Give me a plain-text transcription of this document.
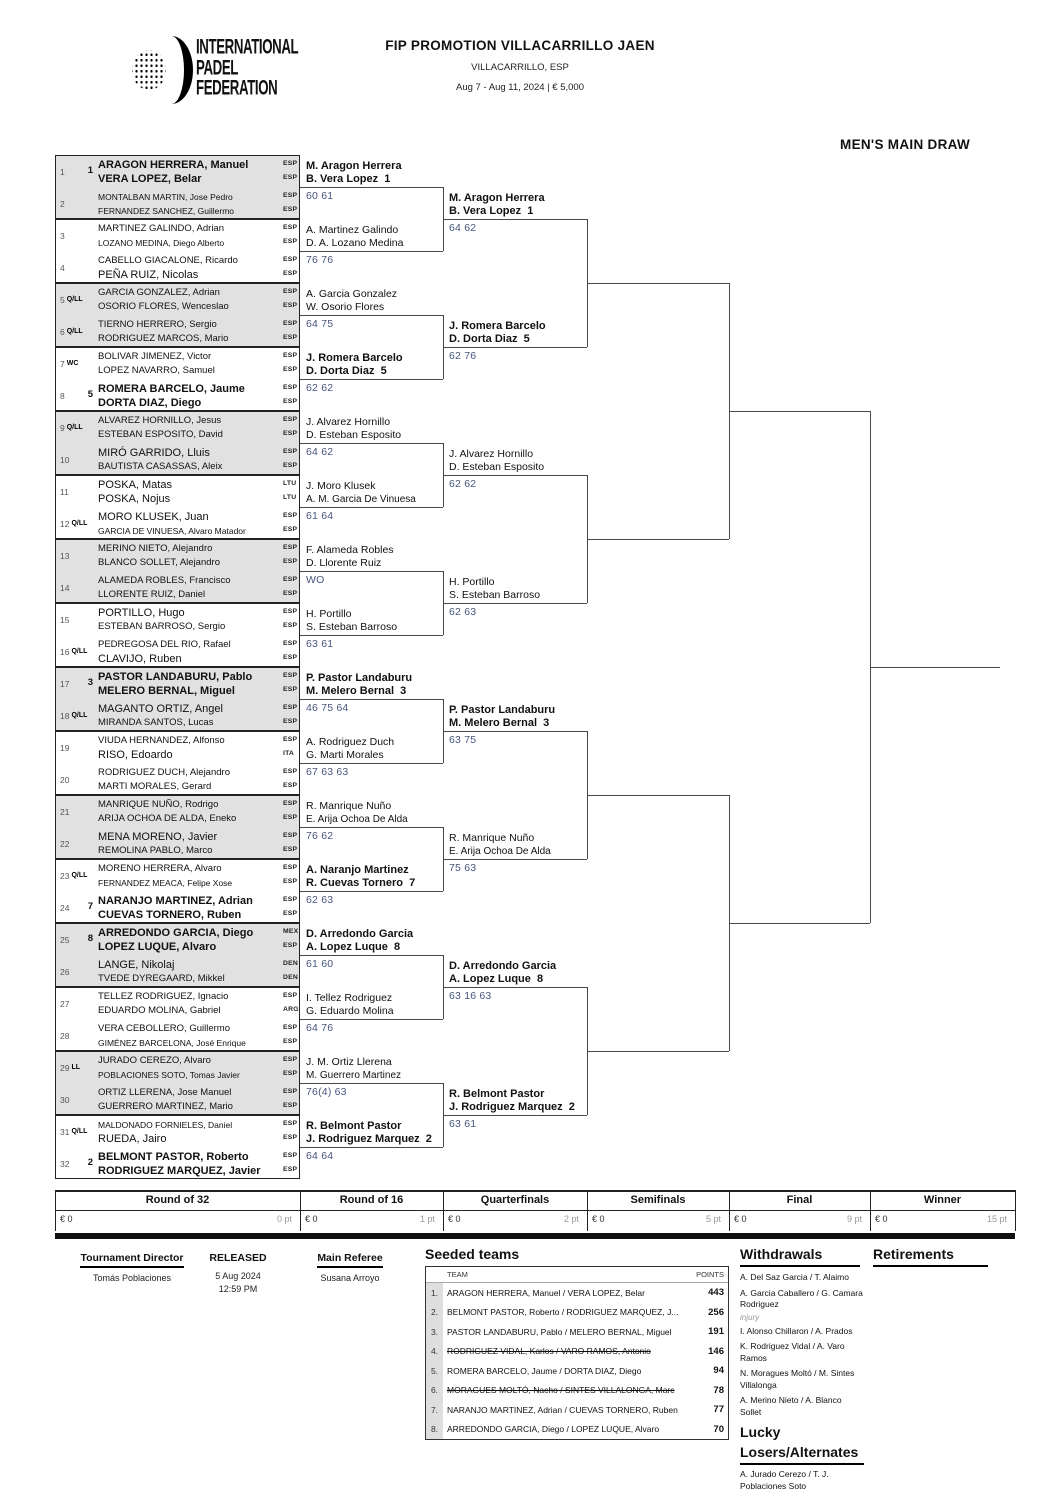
INTERNATIONAL
PADEL
FEDERATION
FIP PROMOTION VILLACARRILLO JAEN
VILLACARRILLO, ESP
Aug 7 - Aug 11, 2024 | € 5,000
MEN'S MAIN DRAW
1	1 ARAGON HERRERA, Manuel
VERA LOPEZ, Belar
ESP
ESP
2
MONTALBAN MARTIN, Jose Pedro
FERNANDEZ SANCHEZ, Guillermo
ESP
ESP
3
MARTINEZ GALINDO, Adrian
LOZANO MEDINA, Diego Alberto
ESP
ESP
4
CABELLO GIACALONE, Ricardo
PEÑA RUIZ, Nicolas
ESP
ESP
5 Q/LL
GARCIA GONZALEZ, Adrian
OSORIO FLORES, Wenceslao
ESP
ESP
6 Q/LL
TIERNO HERRERO, Sergio
RODRIGUEZ MARCOS, Mario
ESP
ESP
7 WC
BOLIVAR JIMENEZ, Victor
LOPEZ NAVARRO, Samuel
ESP
ESP
8	5 ROMERA BARCELO, Jaume
DORTA DIAZ, Diego
ESP
ESP
9 Q/LL
ALVAREZ HORNILLO, Jesus
ESTEBAN ESPOSITO, David
ESP
ESP
10
MIRÓ GARRIDO, Lluis
BAUTISTA CASASSAS, Aleix
ESP
ESP
11
POSKA, Matas
POSKA, Nojus
LTU
LTU
12 Q/LL
MORO KLUSEK, Juan
GARCIA DE VINUESA, Alvaro Matador
ESP
ESP
13
MERINO NIETO, Alejandro
BLANCO SOLLET, Alejandro
ESP
ESP
14
ALAMEDA ROBLES, Francisco
LLORENTE RUIZ, Daniel
ESP
ESP
15
PORTILLO, Hugo
ESTEBAN BARROSO, Sergio
ESP
ESP
16 Q/LL
PEDREGOSA DEL RIO, Rafael
CLAVIJO, Ruben
ESP
ESP
17	3 PASTOR LANDABURU, Pablo
MELERO BERNAL, Miguel
ESP
ESP
18 Q/LL
MAGANTO ORTIZ, Angel
MIRANDA SANTOS, Lucas
ESP
ESP
19
VIUDA HERNANDEZ, Alfonso
RISO, Edoardo
ESP
ITA
20
RODRIGUEZ DUCH, Alejandro
MARTI MORALES, Gerard
ESP
ESP
21
MANRIQUE NUÑO, Rodrigo
ARIJA OCHOA DE ALDA, Eneko
ESP
ESP
22
MENA MORENO, Javier
REMOLINA PABLO, Marco
ESP
ESP
23 Q/LL
MORENO HERRERA, Alvaro
FERNANDEZ MEACA, Felipe Xose
ESP
ESP
24	7 NARANJO MARTINEZ, Adrian
CUEVAS TORNERO, Ruben
ESP
ESP
25	8 ARREDONDO GARCIA, Diego
LOPEZ LUQUE, Alvaro
MEX
ESP
26
LANGE, Nikolaj
TVEDE DYREGAARD, Mikkel
DEN
DEN
27
TELLEZ RODRIGUEZ, Ignacio
EDUARDO MOLINA, Gabriel
ESP
ARG
28
VERA CEBOLLERO, Guillermo
GIMÉNEZ BARCELONA, José Enrique
ESP
ESP
29 LL
JURADO CEREZO, Alvaro
POBLACIONES SOTO, Tomas Javier
ESP
ESP
30
ORTIZ LLERENA, Jose Manuel
GUERRERO MARTINEZ, Mario
ESP
ESP
31 Q/LL
MALDONADO FORNIELES, Daniel
RUEDA, Jairo
ESP
ESP
32	2 BELMONT PASTOR, Roberto
RODRIGUEZ MARQUEZ, Javier
ESP
ESP
M. Aragon Herrera
B. Vera Lopez  1
60 61
A. Martinez Galindo
D. A. Lozano Medina
76 76
A. Garcia Gonzalez
W. Osorio Flores
64 75
J. Romera Barcelo
D. Dorta Diaz  5
62 62
J. Alvarez Hornillo
D. Esteban Esposito
64 62
J. Moro Klusek
A. M. Garcia De Vinuesa
61 64
F. Alameda Robles
D. Llorente Ruiz
WO
H. Portillo
S. Esteban Barroso
63 61
P. Pastor Landaburu
M. Melero Bernal  3
46 75 64
A. Rodriguez Duch
G. Marti Morales
67 63 63
R. Manrique Nuño
E. Arija Ochoa De Alda
76 62
A. Naranjo Martinez
R. Cuevas Tornero  7
62 63
D. Arredondo Garcia
A. Lopez Luque  8
61 60
I. Tellez Rodriguez
G. Eduardo Molina
64 76
J. M. Ortiz Llerena
M. Guerrero Martinez
76(4) 63
R. Belmont Pastor
J. Rodriguez Marquez  2
64 64
M. Aragon Herrera
B. Vera Lopez  1
64 62
J. Romera Barcelo
D. Dorta Diaz  5
62 76
J. Alvarez Hornillo
D. Esteban Esposito
62 62
H. Portillo
S. Esteban Barroso
62 63
P. Pastor Landaburu
M. Melero Bernal  3
63 75
R. Manrique Nuño
E. Arija Ochoa De Alda
75 63
D. Arredondo Garcia
A. Lopez Luque  8
63 16 63
R. Belmont Pastor
J. Rodriguez Marquez  2
63 61
Round of 32
€ 0	0 pt
Round of 16
€ 0	1 pt
Quarterfinals
€ 0	2 pt
Semifinals
€ 0	5 pt
Final
€ 0	9 pt
Winner
€ 0	15 pt
Tournament Director
Tomás Poblaciones
RELEASED
5 Aug 2024
12:59 PM
Main Referee
Susana Arroyo
Seeded teams
TEAM	POINTS
1.	ARAGON HERRERA, Manuel / VERA LOPEZ, Belar	443
2.	BELMONT PASTOR, Roberto / RODRIGUEZ MARQUEZ, J...	256
3.	PASTOR LANDABURU, Pablo / MELERO BERNAL, Miguel	191
4.	RODRIGUEZ VIDAL, Karlos / VARO RAMOS, Antonio	146
5.	ROMERA BARCELO, Jaume / DORTA DIAZ, Diego	94
6.	MORAGUES MOLTÓ, Nacho / SINTES VILLALONGA, Marc	78
7.	NARANJO MARTINEZ, Adrian / CUEVAS TORNERO, Ruben	77
8.	ARREDONDO GARCIA, Diego / LOPEZ LUQUE, Alvaro	70
Withdrawals
A. Del Saz Garcia / T. Alaimo
A. Garcia Caballero / G. Camara Rodriguez
injury
I. Alonso Chillaron / A. Prados
K. Rodriguez Vidal / A. Varo Ramos
N. Moragues Moltó / M. Sintes Villalonga
A. Merino Nieto / A. Blanco Sollet
Retirements
Lucky
Losers/Alternates
A. Jurado Cerezo / T. J. Poblaciones Soto
